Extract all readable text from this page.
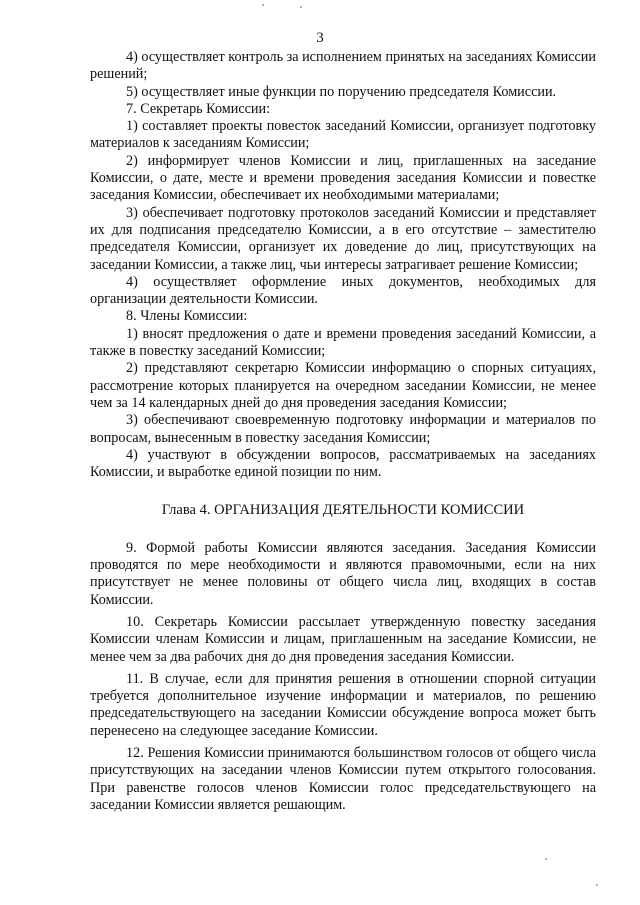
3

4) осуществляет контроль за исполнением принятых на заседаниях Комиссии решений;

5) осуществляет иные функции по поручению председателя Комиссии.

7. Секретарь Комиссии:

1) составляет проекты повесток заседаний Комиссии, организует подготовку материалов к заседаниям Комиссии;

2) информирует членов Комиссии и лиц, приглашенных на заседание Комиссии, о дате, месте и времени проведения заседания Комиссии и повестке заседания Комиссии, обеспечивает их необходимыми материалами;

3) обеспечивает подготовку протоколов заседаний Комиссии и представляет их для подписания председателю Комиссии, а в его отсутствие – заместителю председателя Комиссии, организует их доведение до лиц, присутствующих на заседании Комиссии, а также лиц, чьи интересы затрагивает решение Комиссии;

4) осуществляет оформление иных документов, необходимых для организации деятельности Комиссии.

8. Члены Комиссии:

1) вносят предложения о дате и времени проведения заседаний Комиссии, а также в повестку заседаний Комиссии;

2) представляют секретарю Комиссии информацию о спорных ситуациях, рассмотрение которых планируется на очередном заседании Комиссии, не менее чем за 14 календарных дней до дня проведения заседания Комиссии;

3) обеспечивают своевременную подготовку информации и материалов по вопросам, вынесенным в повестку заседания Комиссии;

4) участвуют в обсуждении вопросов, рассматриваемых на заседаниях Комиссии, и выработке единой позиции по ним.

Глава 4. ОРГАНИЗАЦИЯ ДЕЯТЕЛЬНОСТИ КОМИССИИ

9. Формой работы Комиссии являются заседания. Заседания Комиссии проводятся по мере необходимости и являются правомочными, если на них присутствует не менее половины от общего числа лиц, входящих в состав Комиссии.

10. Секретарь Комиссии рассылает утвержденную повестку заседания Комиссии членам Комиссии и лицам, приглашенным на заседание Комиссии, не менее чем за два рабочих дня до дня проведения заседания Комиссии.

11. В случае, если для принятия решения в отношении спорной ситуации требуется дополнительное изучение информации и материалов, по решению председательствующего на заседании Комиссии обсуждение вопроса может быть перенесено на следующее заседание Комиссии.

12. Решения Комиссии принимаются большинством голосов от общего числа присутствующих на заседании членов Комиссии путем открытого голосования. При равенстве голосов членов Комиссии голос председательствующего на заседании Комиссии является решающим.
